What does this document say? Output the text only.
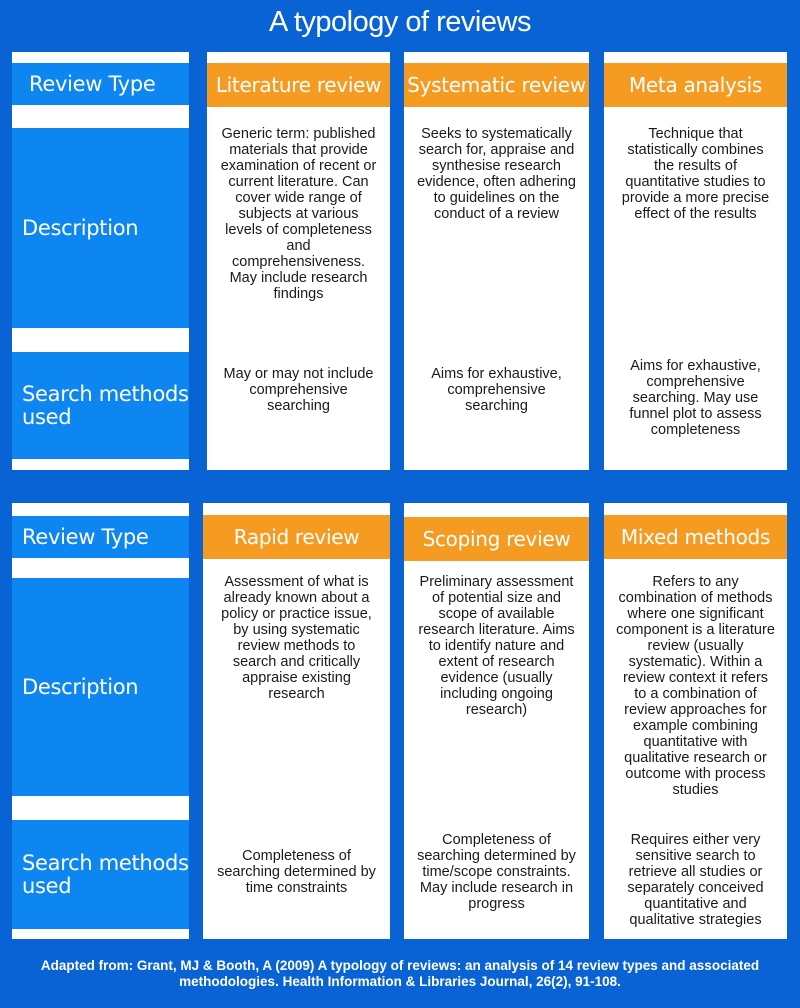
A typology of reviews
Review Type
Description
Search methods used
Literature review
Generic term: published materials that provide examination of recent or current literature. Can cover wide range of subjects at various levels of completeness and comprehensiveness. May include research findings
May or may not include comprehensive searching
Systematic review
Seeks to systematically search for, appraise and synthesise research evidence, often adhering to guidelines on the conduct of a review
Aims for exhaustive, comprehensive searching
Meta analysis
Technique that statistically combines the results of quantitative studies to provide a more precise effect of the results
Aims for exhaustive, comprehensive searching. May use funnel plot to assess completeness
Review Type
Description
Search methods used
Rapid review
Assessment of what is already known about a policy or practice issue, by using systematic review methods to search and critically appraise existing research
Completeness of searching determined by time constraints
Scoping review
Preliminary assessment of potential size and scope of available research literature. Aims to identify nature and extent of research evidence (usually including ongoing research)
Completeness of searching determined by time/scope constraints. May include research in progress
Mixed methods
Refers to any combination of methods where one significant component is a literature review (usually systematic). Within a review context it refers to a combination of review approaches for example combining quantitative with qualitative research or outcome with process studies
Requires either very sensitive search to retrieve all studies or separately conceived quantitative and qualitative strategies
Adapted from: Grant, MJ & Booth, A (2009) A typology of reviews: an analysis of 14 review types and associated methodologies. Health Information & Libraries Journal, 26(2), 91-108.
